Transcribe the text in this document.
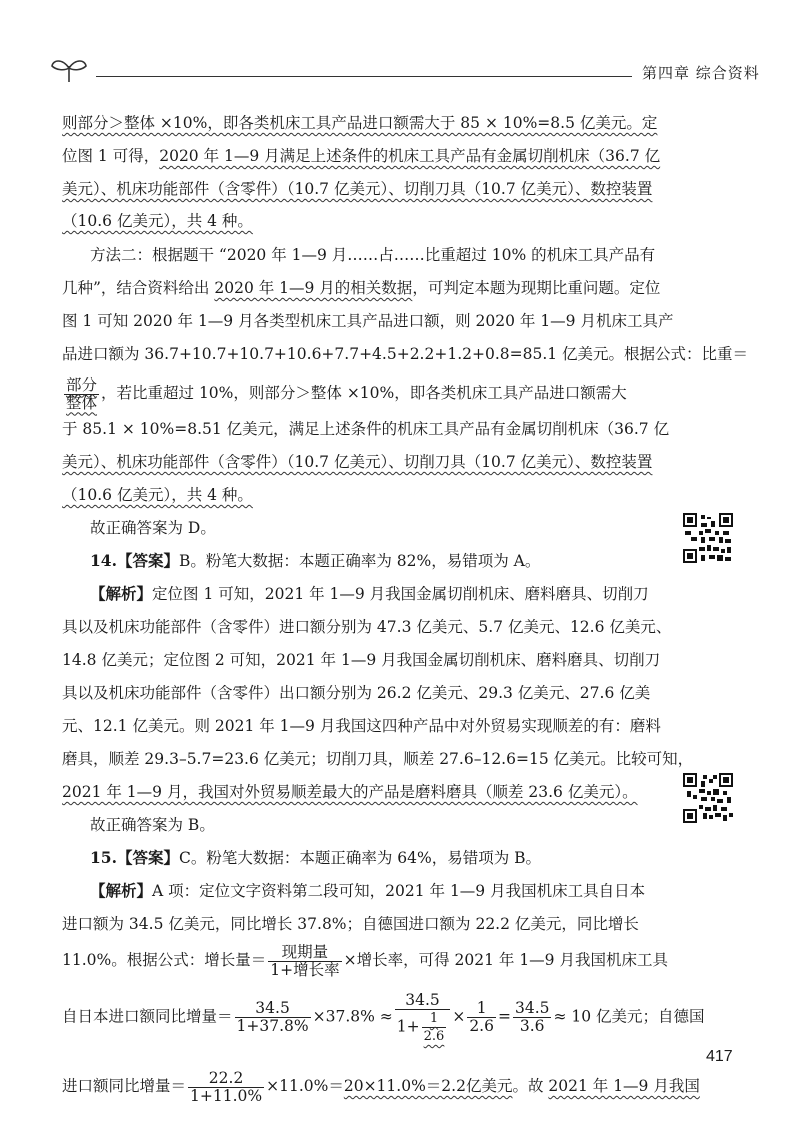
第四章 综合资料
则部分＞整体 ×10%，即各类机床工具产品进口额需大于 85 × 10%=8.5 亿美元。定
位图 1 可得，2020 年 1—9 月满足上述条件的机床工具产品有金属切削机床（36.7 亿
美元）、机床功能部件（含零件）（10.7 亿美元）、切削刀具（10.7 亿美元）、数控装置
（10.6 亿美元），共 4 种。
方法二：根据题干 “2020 年 1—9 月……占……比重超过 10% 的机床工具产品有
几种”，结合资料给出 2020 年 1—9 月的相关数据，可判定本题为现期比重问题。定位
图 1 可知 2020 年 1—9 月各类型机床工具产品进口额，则 2020 年 1—9 月机床工具产
品进口额为 36.7+10.7+10.7+10.6+7.7+4.5+2.2+1.2+0.8=85.1 亿美元。根据公式：比重＝
$\frac{\text{部分}}{\text{整体}}$ ，若比重超过 10%，则部分＞整体 ×10%，即各类机床工具产品进口额需大
于 85.1 × 10%=8.51 亿美元，满足上述条件的机床工具产品有金属切削机床（36.7 亿
美元）、机床功能部件（含零件）（10.7 亿美元）、切削刀具（10.7 亿美元）、数控装置
（10.6 亿美元），共 4 种。
故正确答案为 D。
14.【答案】B。粉笔大数据：本题正确率为 82%，易错项为 A。
【解析】定位图 1 可知，2021 年 1—9 月我国金属切削机床、磨料磨具、切削刀
具以及机床功能部件（含零件）进口额分别为 47.3 亿美元、5.7 亿美元、12.6 亿美元、
14.8 亿美元；定位图 2 可知，2021 年 1—9 月我国金属切削机床、磨料磨具、切削刀
具以及机床功能部件（含零件）出口额分别为 26.2 亿美元、29.3 亿美元、27.6 亿美
元、12.1 亿美元。则 2021 年 1—9 月我国这四种产品中对外贸易实现顺差的有：磨料
磨具，顺差 29.3–5.7=23.6 亿美元；切削刀具，顺差 27.6–12.6=15 亿美元。比较可知，
2021 年 1—9 月，我国对外贸易顺差最大的产品是磨料磨具（顺差 23.6 亿美元）。
故正确答案为 B。
15.【答案】C。粉笔大数据：本题正确率为 64%，易错项为 B。
【解析】A 项：定位文字资料第二段可知，2021 年 1—9 月我国机床工具自日本
进口额为 34.5 亿美元，同比增长 37.8%；自德国进口额为 22.2 亿美元，同比增长
11.0%。根据公式：增长量＝ $\frac{\text{现期量}}{\text{1+增长率}}$ ×增长率，可得 2021 年 1—9 月我国机床工具
自日本进口额同比增量＝ $\frac{34.5}{1+37.8\%} \times 37.8\% \approx \frac{34.5}{1+ \frac{1}{2.6}} \times \frac{1}{2.6} = \frac{34.5}{3.6} \approx 10$ 亿美元；自德国
进口额同比增量＝ $\frac{22.2}{1+11.0\%} \times 11.0\%=20\times 11.0\%=2.2$亿美元。故 2021 年 1—9 月我国
417
